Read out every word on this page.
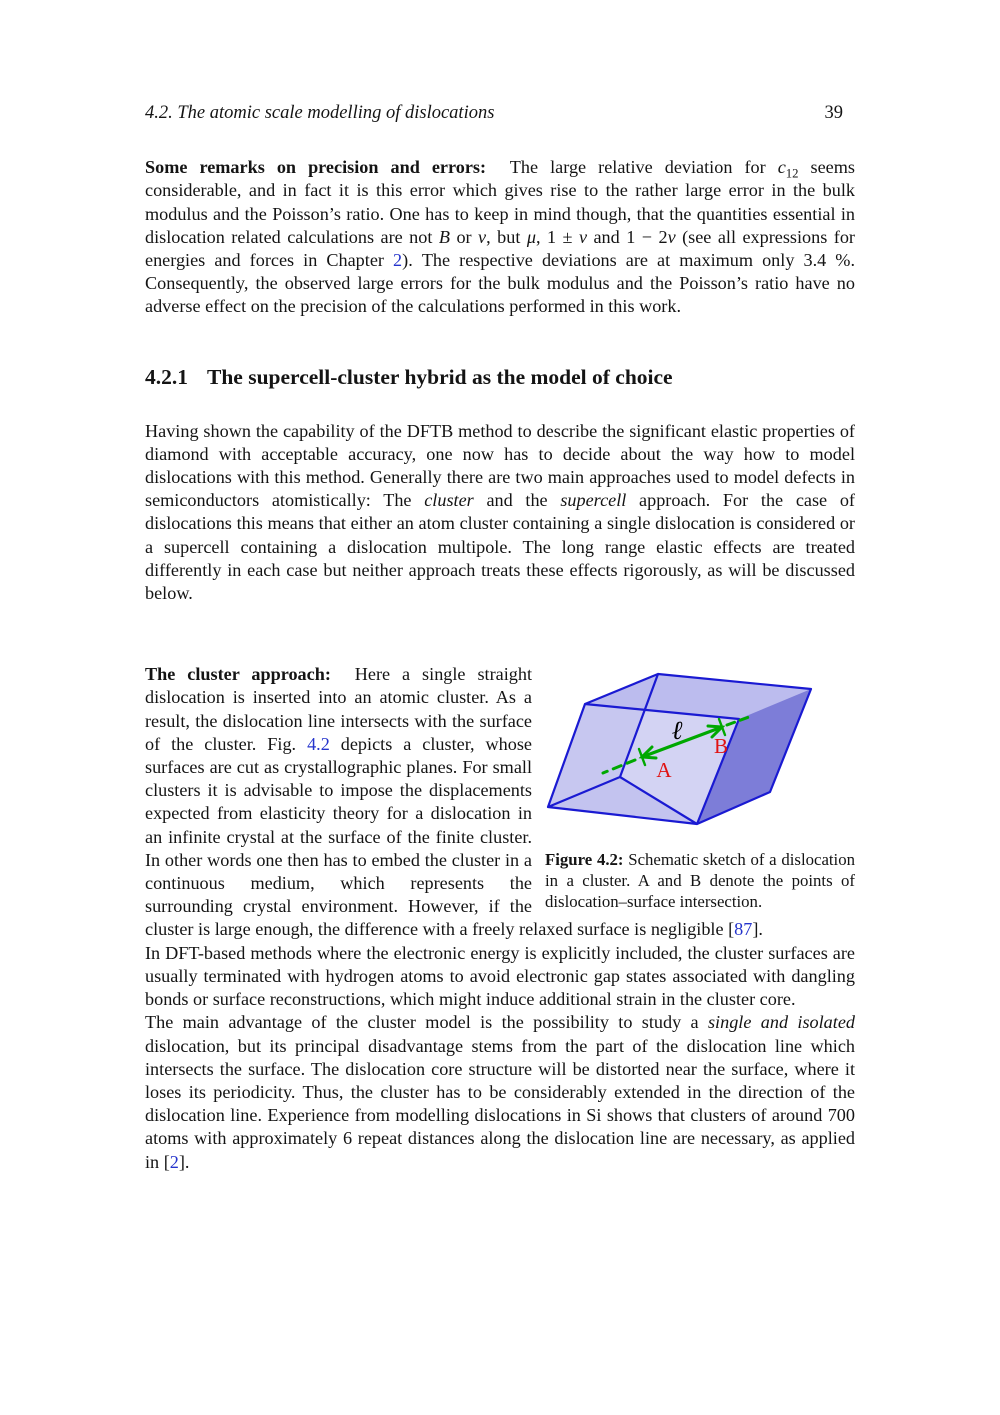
4.2. The atomic scale modelling of dislocations	39

Some remarks on precision and errors:  The large relative deviation for $c_{12}$ seems considerable, and in fact it is this error which gives rise to the rather large error in the bulk modulus and the Poisson’s ratio. One has to keep in mind though, that the quantities essential in dislocation related calculations are not B or ν, but μ, 1 ± ν and 1 − 2ν (see all expressions for energies and forces in Chapter 2). The respective deviations are at maximum only 3.4 %. Consequently, the observed large errors for the bulk modulus and the Poisson’s ratio have no adverse effect on the precision of the calculations performed in this work.

4.2.1 The supercell-cluster hybrid as the model of choice

Having shown the capability of the DFTB method to describe the significant elastic properties of diamond with acceptable accuracy, one now has to decide about the way how to model dislocations with this method. Generally there are two main approaches used to model defects in semiconductors atomistically: The cluster and the supercell approach. For the case of dislocations this means that either an atom cluster containing a single dislocation is considered or a supercell containing a dislocation multipole. The long range elastic effects are treated differently in each case but neither approach treats these effects rigorously, as will be discussed below.

ℓ
A
B
Figure 4.2: Schematic sketch of a dislocation in a cluster. A and B denote the points of dislocation–surface intersection.

The cluster approach:  Here a single straight dislocation is inserted into an atomic cluster. As a result, the dislocation line intersects with the surface of the cluster. Fig. 4.2 depicts a cluster, whose surfaces are cut as crystallographic planes. For small clusters it is advisable to impose the displacements expected from elasticity theory for a dislocation in an infinite crystal at the surface of the finite cluster. In other words one then has to embed the cluster in a continuous medium, which represents the surrounding crystal environment. However, if the cluster is large enough, the difference with a freely relaxed surface is negligible [87].

In DFT-based methods where the electronic energy is explicitly included, the cluster surfaces are usually terminated with hydrogen atoms to avoid electronic gap states associated with dangling bonds or surface reconstructions, which might induce additional strain in the cluster core.

The main advantage of the cluster model is the possibility to study a single and isolated dislocation, but its principal disadvantage stems from the part of the dislocation line which intersects the surface. The dislocation core structure will be distorted near the surface, where it loses its periodicity. Thus, the cluster has to be considerably extended in the direction of the dislocation line. Experience from modelling dislocations in Si shows that clusters of around 700 atoms with approximately 6 repeat distances along the dislocation line are necessary, as applied in [2].
